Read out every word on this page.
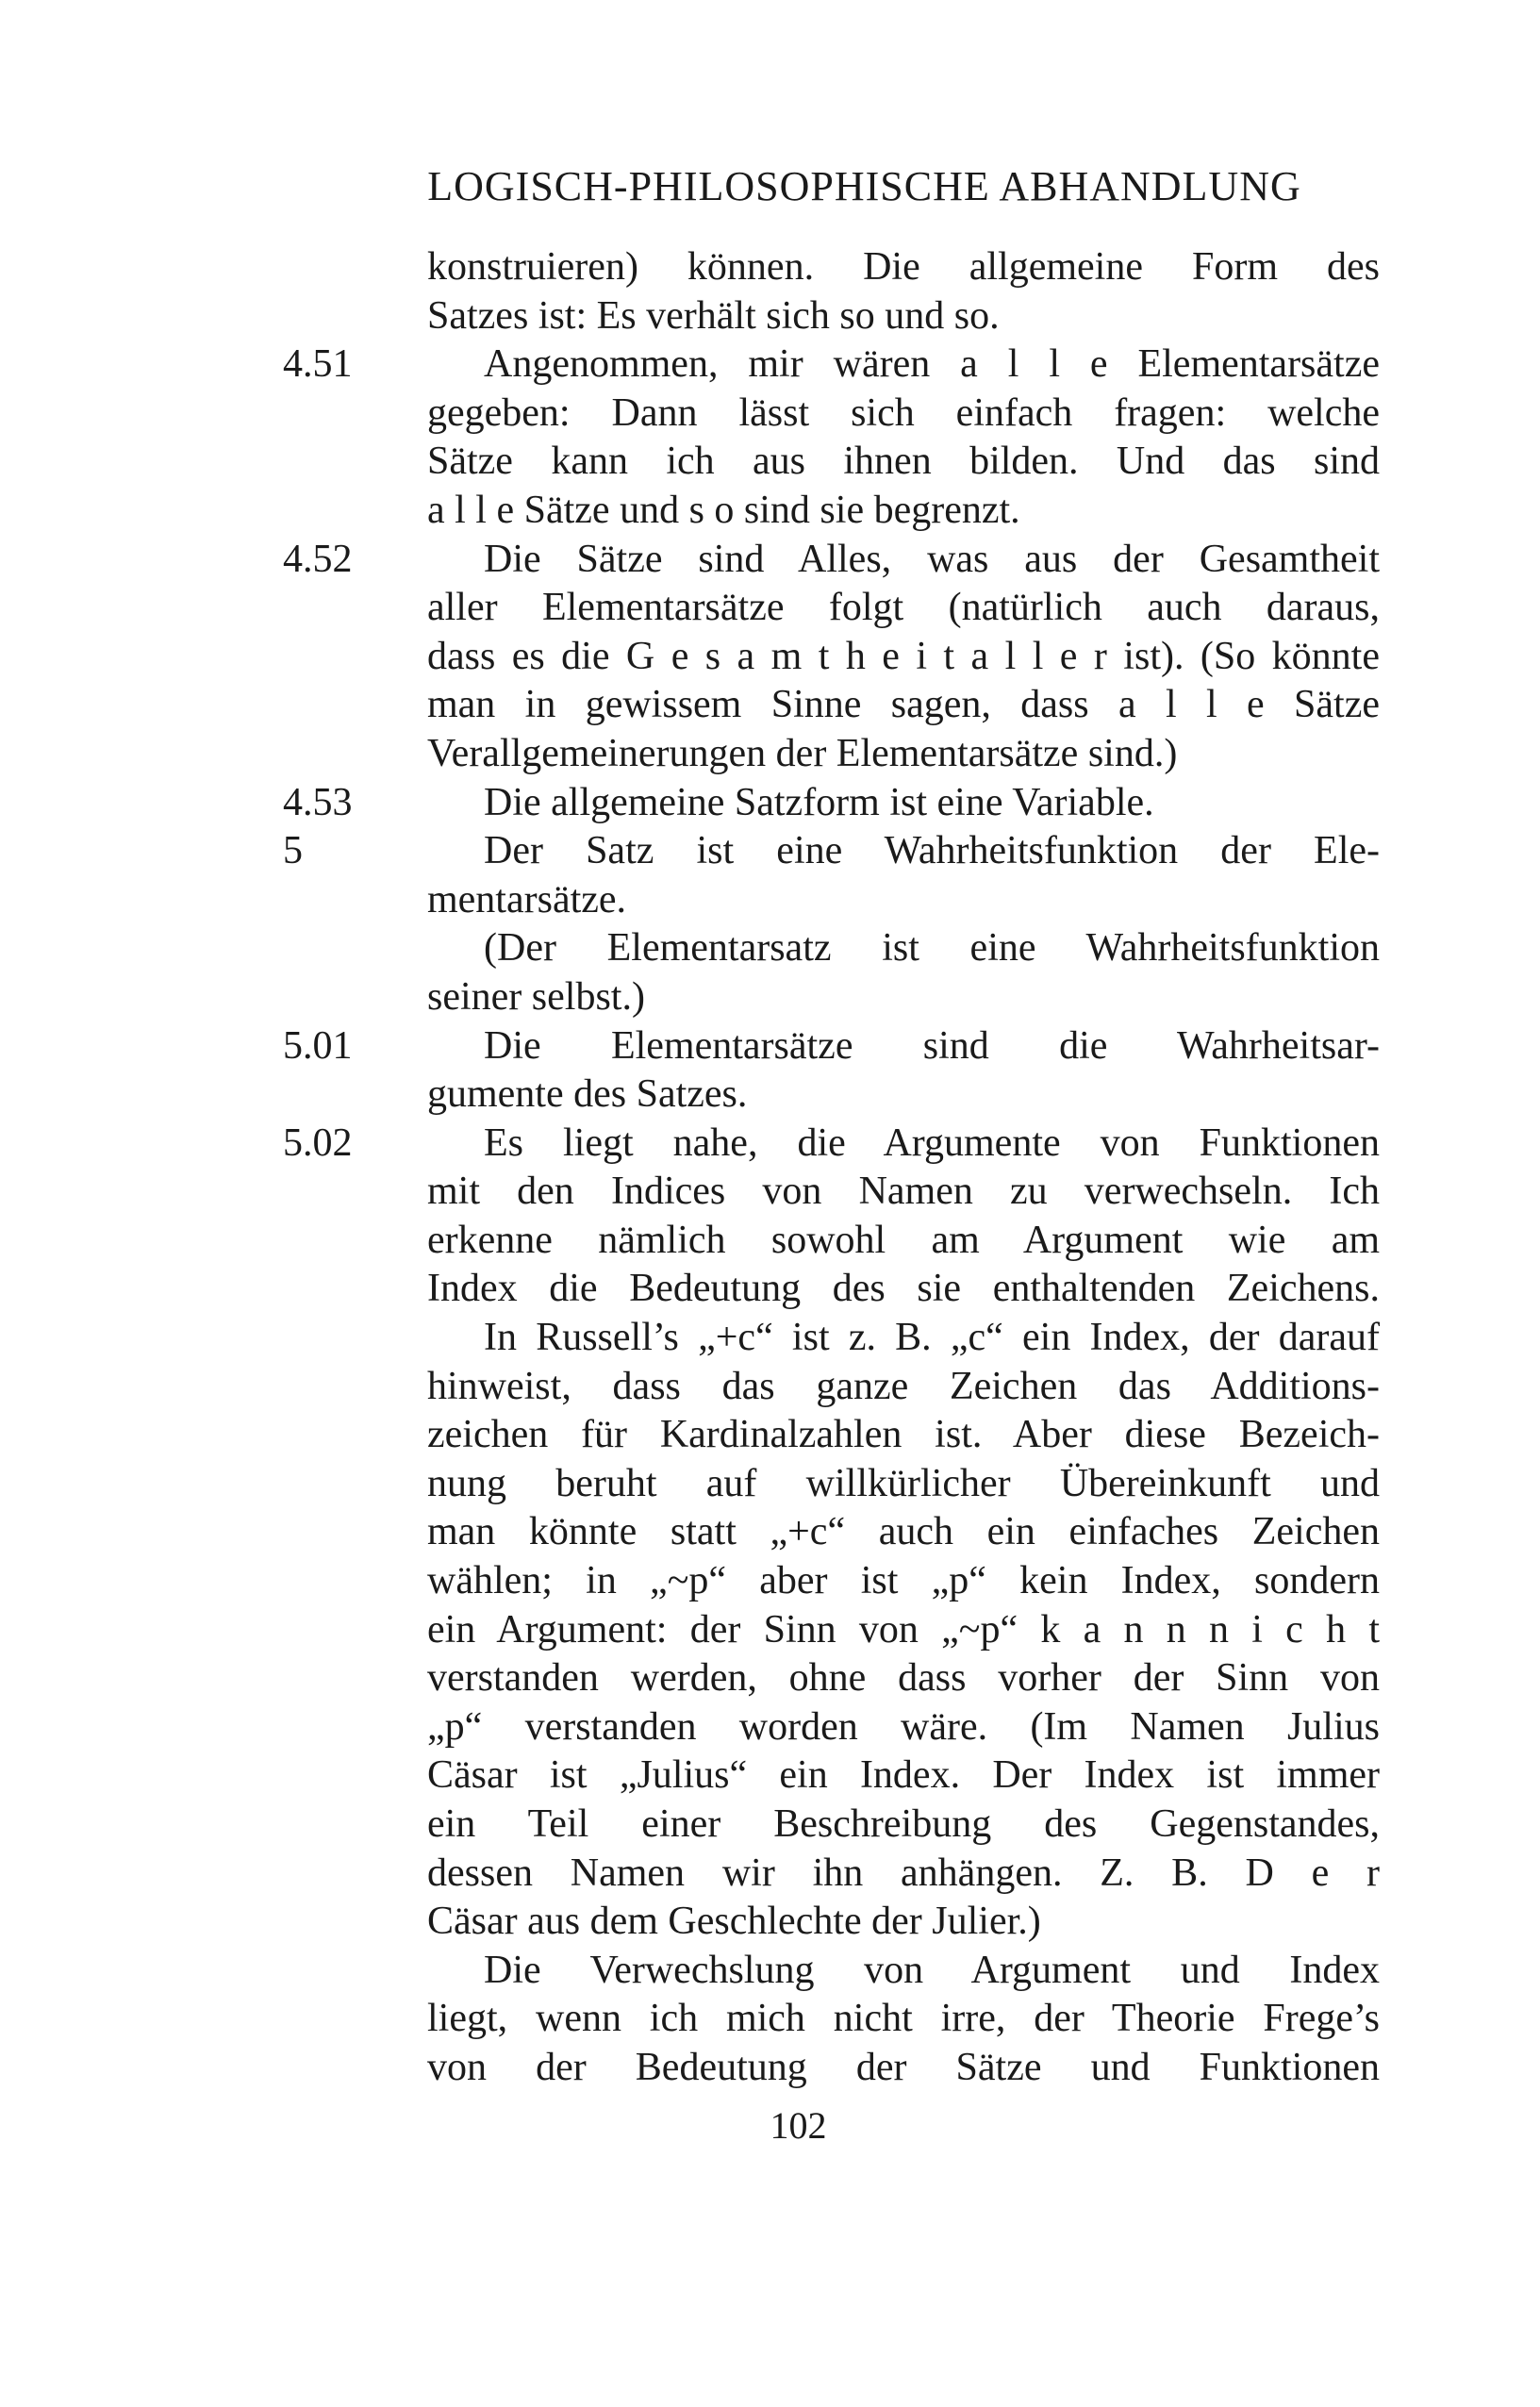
LOGISCH-PHILOSOPHISCHE ABHANDLUNG
konstruieren) können. Die allgemeine Form des
Satzes ist: Es verhält sich so und so.
4.51	Angenommen, mir wären a l l e Elementarsätze
gegeben: Dann lässt sich einfach fragen: welche
Sätze kann ich aus ihnen bilden. Und das sind
a l l e Sätze und s o sind sie begrenzt.
4.52	Die Sätze sind Alles, was aus der Gesamtheit
aller Elementarsätze folgt (natürlich auch daraus,
dass es die G e s a m t h e i t a l l e r ist). (So könnte
man in gewissem Sinne sagen, dass a l l e Sätze
Verallgemeinerungen der Elementarsätze sind.)
4.53	Die allgemeine Satzform ist eine Variable.
5	Der Satz ist eine Wahrheitsfunktion der Ele-
mentarsätze.
(Der Elementarsatz ist eine Wahrheitsfunktion
seiner selbst.)
5.01	Die Elementarsätze sind die Wahrheitsar-
gumente des Satzes.
5.02	Es liegt nahe, die Argumente von Funktionen
mit den Indices von Namen zu verwechseln. Ich
erkenne nämlich sowohl am Argument wie am
Index die Bedeutung des sie enthaltenden Zeichens.
In Russell’s „+c“ ist z. B. „c“ ein Index, der darauf
hinweist, dass das ganze Zeichen das Additions-
zeichen für Kardinalzahlen ist. Aber diese Bezeich-
nung beruht auf willkürlicher Übereinkunft und
man könnte statt „+c“ auch ein einfaches Zeichen
wählen; in „~p“ aber ist „p“ kein Index, sondern
ein Argument: der Sinn von „~p“ k a n n n i c h t
verstanden werden, ohne dass vorher der Sinn von
„p“ verstanden worden wäre. (Im Namen Julius
Cäsar ist „Julius“ ein Index. Der Index ist immer
ein Teil einer Beschreibung des Gegenstandes,
dessen Namen wir ihn anhängen. Z. B. D e r
Cäsar aus dem Geschlechte der Julier.)
Die Verwechslung von Argument und Index
liegt, wenn ich mich nicht irre, der Theorie Frege’s
von der Bedeutung der Sätze und Funktionen
102
